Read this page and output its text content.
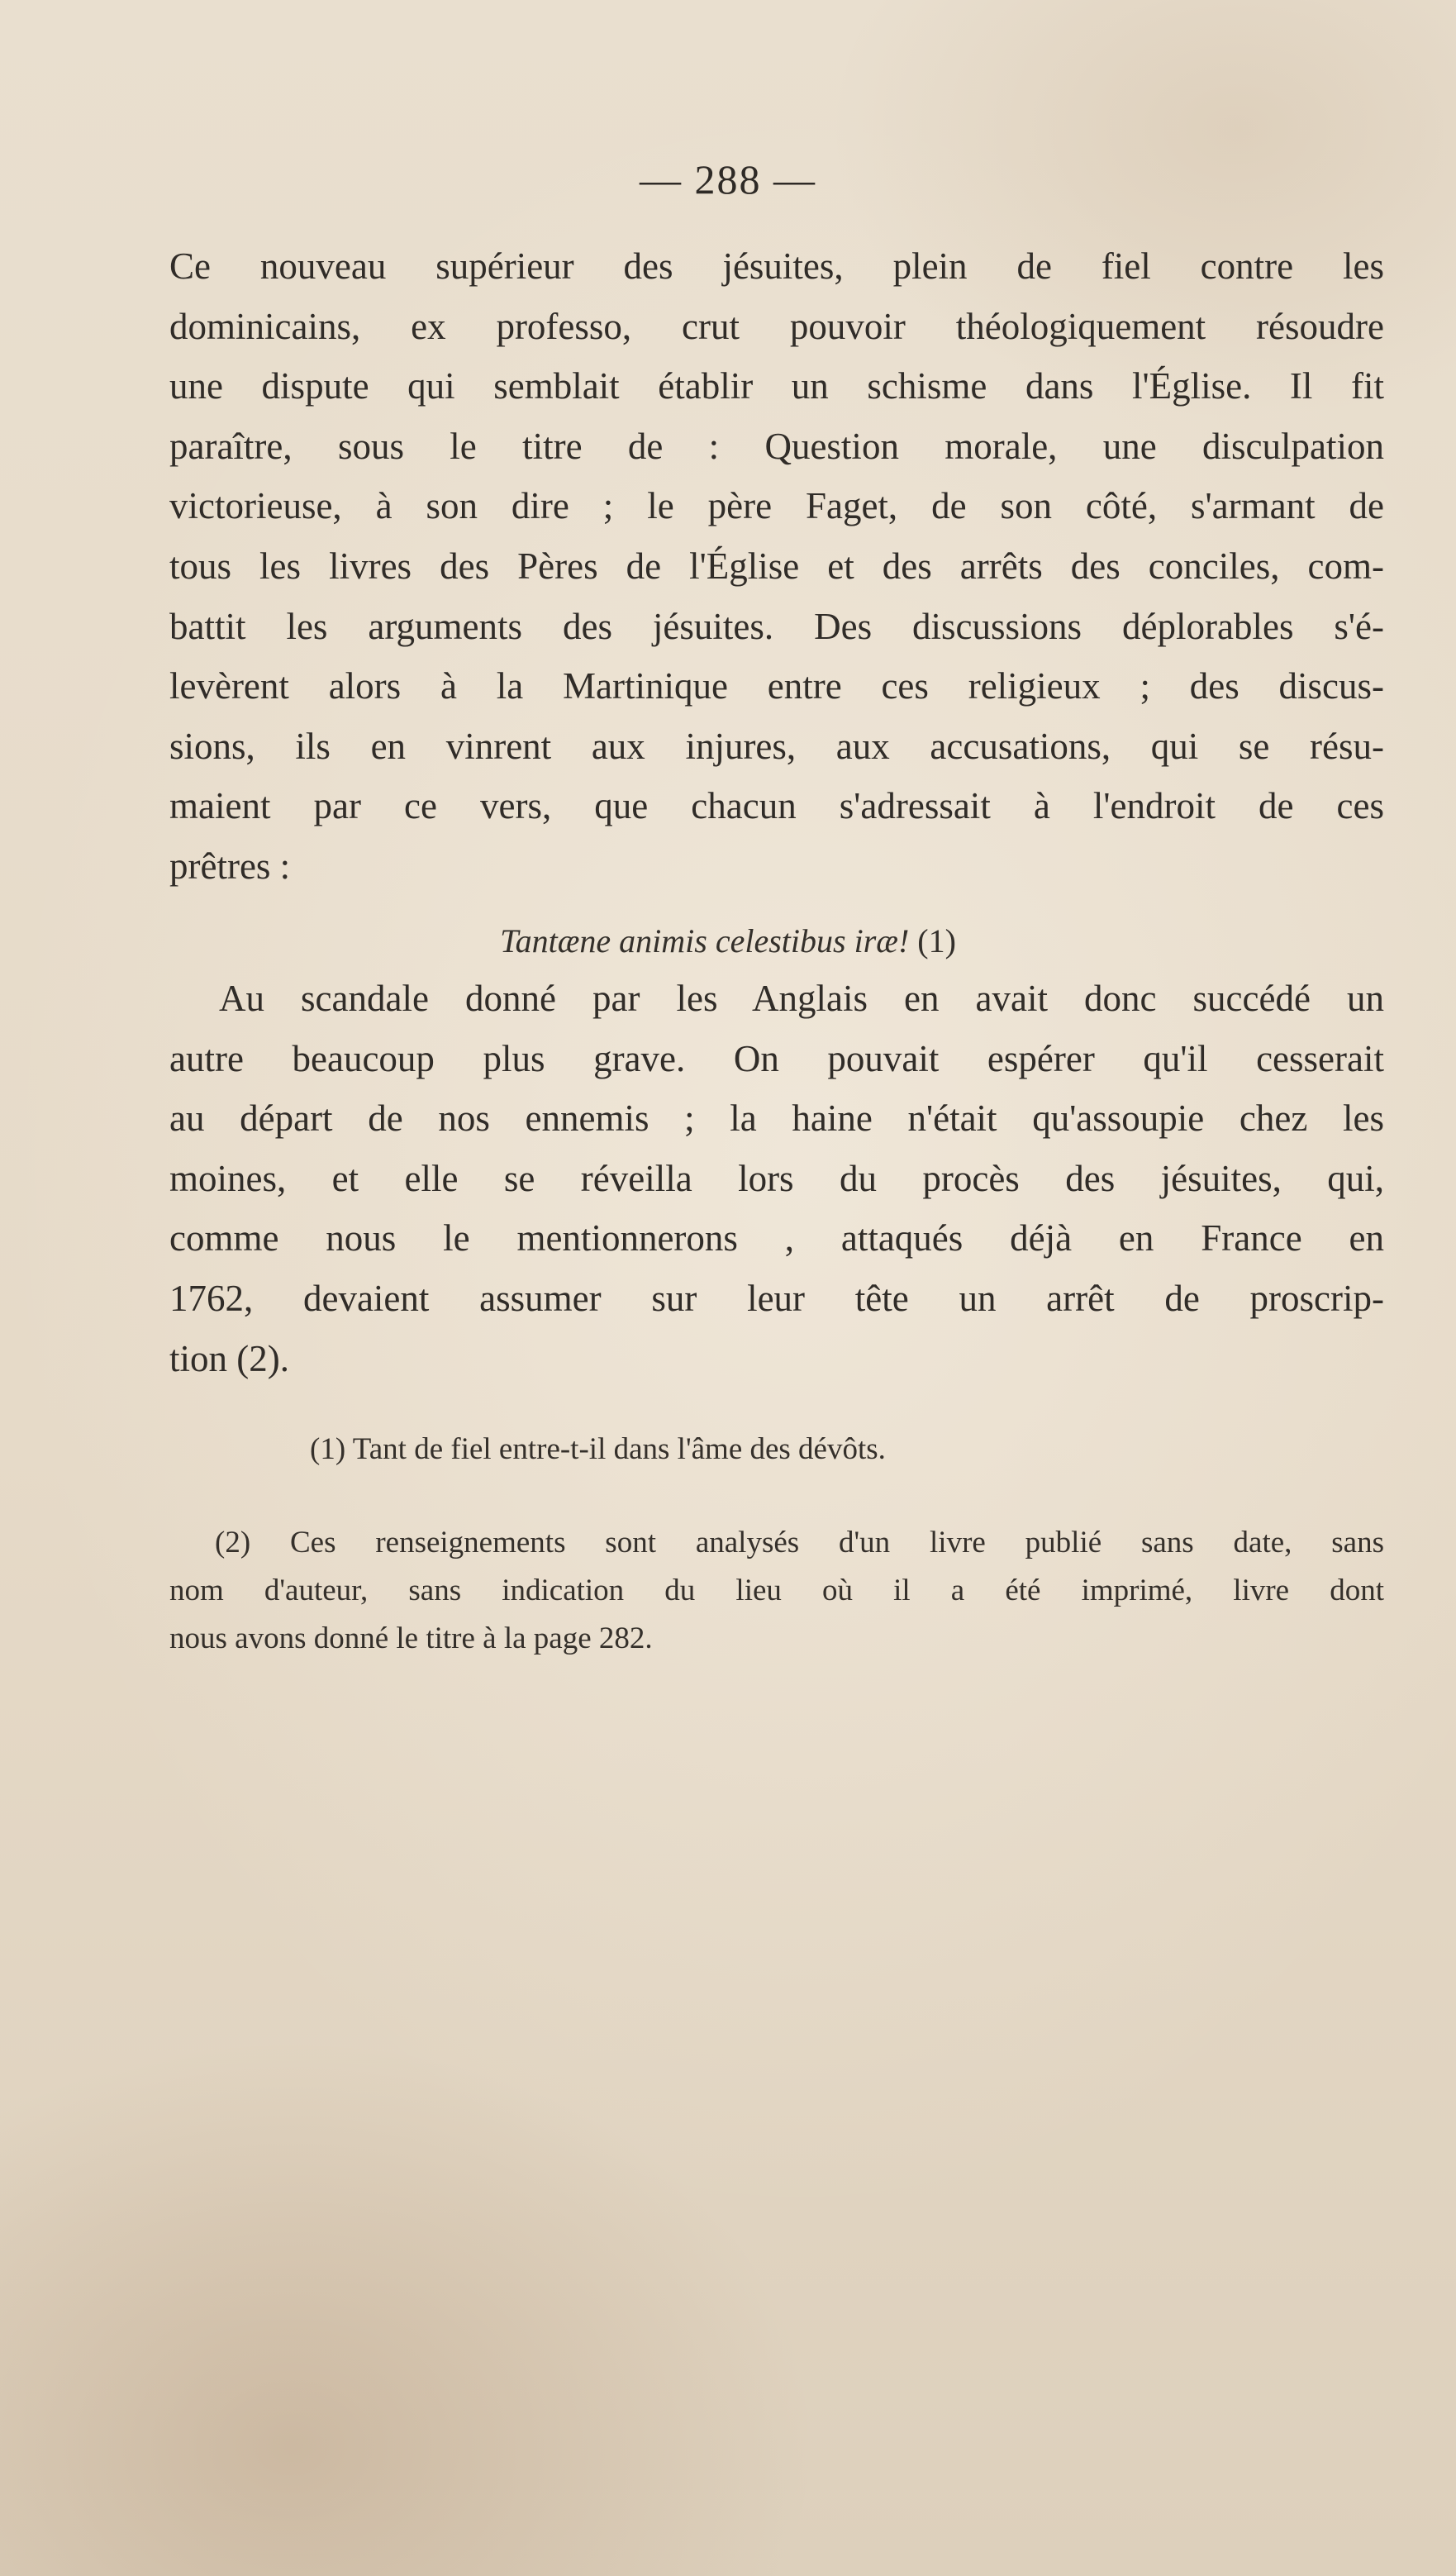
— 288 —
Ce nouveau supérieur des jésuites, plein de fiel contre les
dominicains, ex professo, crut pouvoir théologiquement résoudre
une dispute qui semblait établir un schisme dans l'Église. Il fit
paraître, sous le titre de : Question morale, une disculpation
victorieuse, à son dire ; le père Faget, de son côté, s'armant de
tous les livres des Pères de l'Église et des arrêts des conciles, com-
battit les arguments des jésuites. Des discussions déplorables s'é-
levèrent alors à la Martinique entre ces religieux ; des discus-
sions, ils en vinrent aux injures, aux accusations, qui se résu-
maient par ce vers, que chacun s'adressait à l'endroit de ces
prêtres :
Tantæne animis celestibus iræ! (1)
Au scandale donné par les Anglais en avait donc succédé un
autre beaucoup plus grave. On pouvait espérer qu'il cesserait
au départ de nos ennemis ; la haine n'était qu'assoupie chez les
moines, et elle se réveilla lors du procès des jésuites, qui,
comme nous le mentionnerons , attaqués déjà en France en
1762, devaient assumer sur leur tête un arrêt de proscrip-
tion (2).
(1) Tant de fiel entre-t-il dans l'âme des dévôts.
(2) Ces renseignements sont analysés d'un livre publié sans date, sans
nom d'auteur, sans indication du lieu où il a été imprimé, livre dont
nous avons donné le titre à la page 282.
